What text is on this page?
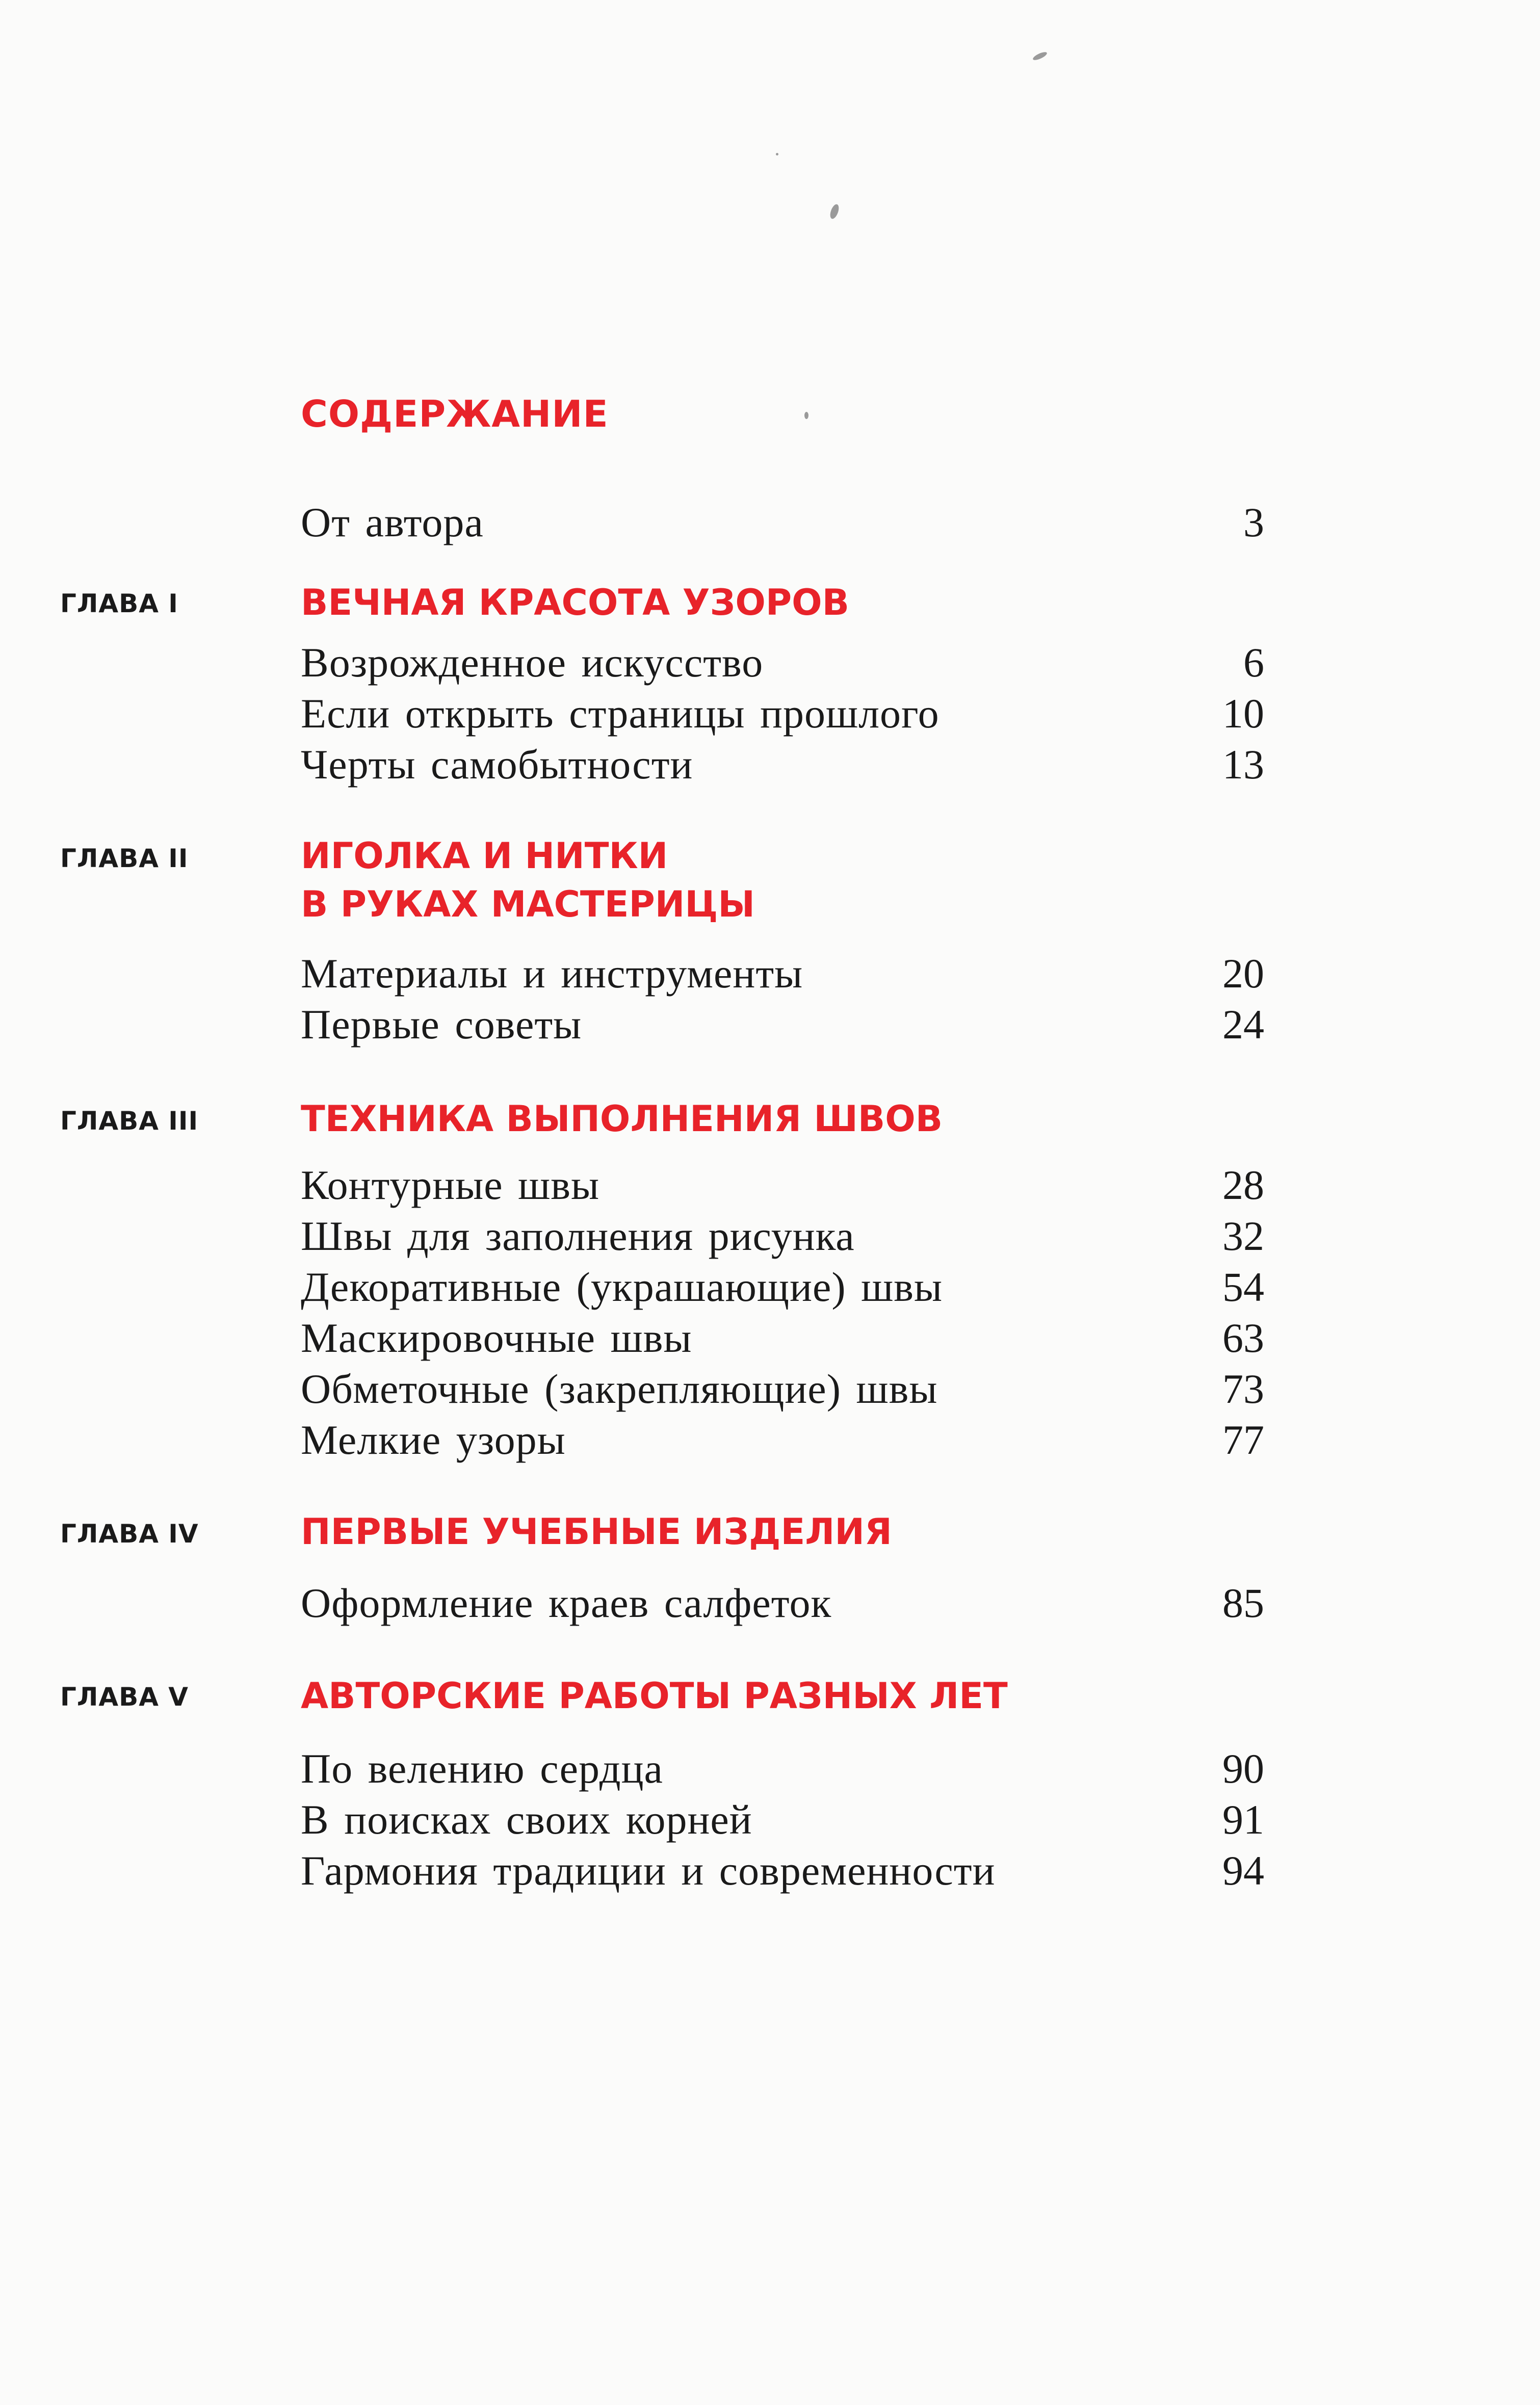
СОДЕРЖАНИЕ
От автора	3
ГЛАВА I	ВЕЧНАЯ КРАСОТА УЗОРОВ
Возрожденное искусство	6
Если открыть страницы прошлого	10
Черты самобытности	13
ГЛАВА II	ИГОЛКА И НИТКИ
В РУКАХ МАСТЕРИЦЫ
Материалы и инструменты	20
Первые советы	24
ГЛАВА III	ТЕХНИКА ВЫПОЛНЕНИЯ ШВОВ
Контурные швы	28
Швы для заполнения рисунка	32
Декоративные (украшающие) швы	54
Маскировочные швы	63
Обметочные (закрепляющие) швы	73
Мелкие узоры	77
ГЛАВА IV	ПЕРВЫЕ УЧЕБНЫЕ ИЗДЕЛИЯ
Оформление краев салфеток	85
ГЛАВА V	АВТОРСКИЕ РАБОТЫ РАЗНЫХ ЛЕТ
По велению сердца	90
В поисках своих корней	91
Гармония традиции и современности	94
